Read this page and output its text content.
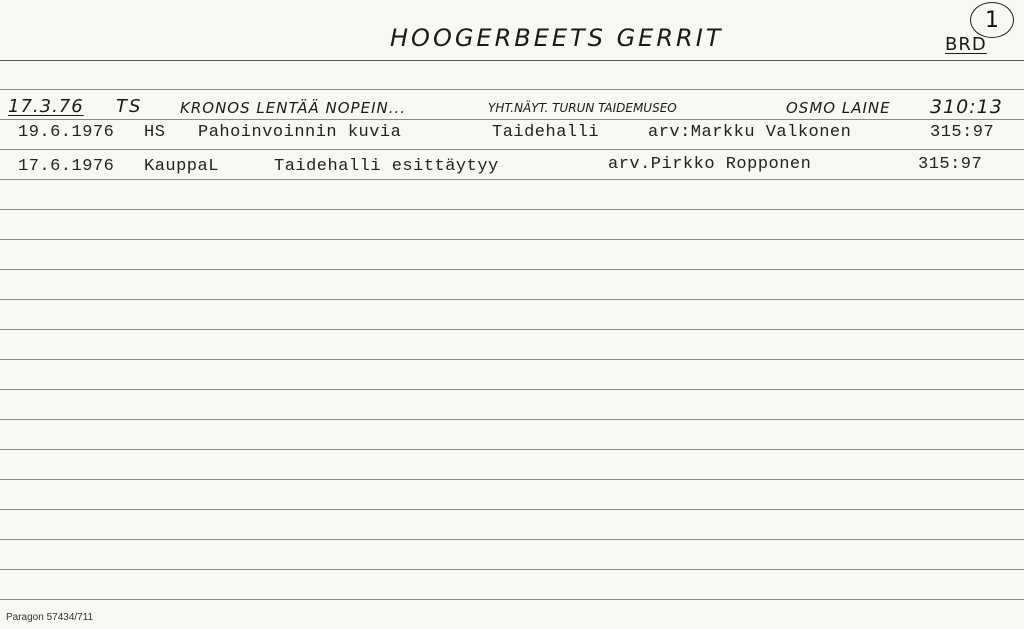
1
HOOGERBEETS GERRIT	BRD
17.3.76 TS	KRONOS LENTÄÄ NOPEIN...	YHT.NÄYT. TURUN TAIDEMUSEO	OSMO LAINE 310:13
19.6.1976 HS Pahoinvoinnin kuvia	Taidehalli	arv:Markku Valkonen	315:97
17.6.1976 KauppaL	Taidehalli esittäytyy	arv.Pirkko Ropponen	315:97
Paragon 57434/711
